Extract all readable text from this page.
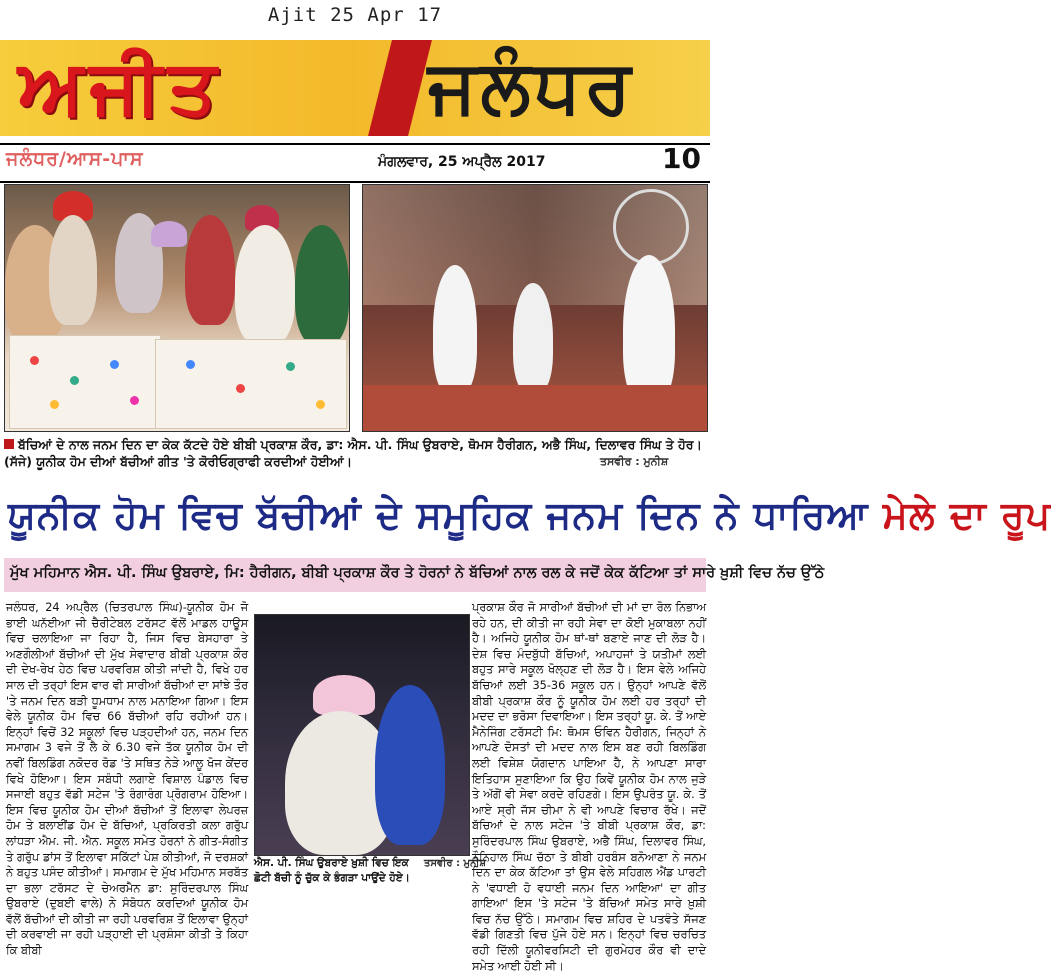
Ajit 25 Apr 17
ਅਜੀਤ	ਜਲੰਧਰ
ਜਲੰਧਰ/ਆਸ-ਪਾਸ	ਮੰਗਲਵਾਰ, 25 ਅਪ੍ਰੈਲ 2017	10
ਬੱਚਿਆਂ ਦੇ ਨਾਲ ਜਨਮ ਦਿਨ ਦਾ ਕੇਕ ਕੱਟਦੇ ਹੋਏ ਬੀਬੀ ਪ੍ਰਕਾਸ਼ ਕੌਰ, ਡਾ: ਐਸ. ਪੀ. ਸਿੰਘ ਉਬਰਾਏ, ਥੋਮਸ ਹੈਰੀਗਨ, ਅਭੈ ਸਿੰਘ, ਦਿਲਾਵਰ ਸਿੰਘ ਤੇ ਹੋਰ। (ਸੱਜੇ) ਯੂਨੀਕ ਹੋਮ ਦੀਆਂ ਬੱਚੀਆਂ ਗੀਤ 'ਤੇ ਕੋਰੀਓਗ੍ਰਾਫੀ ਕਰਦੀਆਂ ਹੋਈਆਂ।	ਤਸਵੀਰ : ਮੁਨੀਸ਼
ਯੂਨੀਕ ਹੋਮ ਵਿਚ ਬੱਚੀਆਂ ਦੇ ਸਮੂਹਿਕ ਜਨਮ ਦਿਨ ਨੇ ਧਾਰਿਆ ਮੇਲੇ ਦਾ ਰੂਪ
ਮੁੱਖ ਮਹਿਮਾਨ ਐਸ. ਪੀ. ਸਿੰਘ ਉਬਰਾਏ, ਮਿ: ਹੈਰੀਗਨ, ਬੀਬੀ ਪ੍ਰਕਾਸ਼ ਕੌਰ ਤੇ ਹੋਰਨਾਂ ਨੇ ਬੱਚਿਆਂ ਨਾਲ ਰਲ ਕੇ ਜਦੋਂ ਕੇਕ ਕੱਟਿਆ ਤਾਂ ਸਾਰੇ ਖ਼ੁਸ਼ੀ ਵਿਚ ਨੱਚ ਉੱਠੇ
ਜਲੰਧਰ, 24 ਅਪ੍ਰੈਲ (ਚਿਤਰਪਾਲ ਸਿੰਘ)-ਯੂਨੀਕ ਹੋਮ ਜੋ ਭਾਈ ਘਨੱਈਆ ਜੀ ਚੈਰੀਟੇਬਲ ਟਰੱਸਟ ਵੱਲੋਂ ਮਾਡਲ ਹਾਊਸ ਵਿਚ ਚਲਾਇਆ ਜਾ ਰਿਹਾ ਹੈ, ਜਿਸ ਵਿਚ ਬੇਸਹਾਰਾ ਤੇ ਅਣਗੌਲੀਆਂ ਬੱਚੀਆਂ ਦੀ ਮੁੱਖ ਸੇਵਾਦਾਰ ਬੀਬੀ ਪ੍ਰਕਾਸ਼ ਕੌਰ ਦੀ ਦੇਖ-ਰੇਖ ਹੇਠ ਵਿਚ ਪਰਵਰਿਸ਼ ਕੀਤੀ ਜਾਂਦੀ ਹੈ, ਵਿਖੇ ਹਰ ਸਾਲ ਦੀ ਤਰ੍ਹਾਂ ਇਸ ਵਾਰ ਵੀ ਸਾਰੀਆਂ ਬੱਚੀਆਂ ਦਾ ਸਾਂਝੇ ਤੌਰ 'ਤੇ ਜਨਮ ਦਿਨ ਬੜੀ ਧੂਮਧਾਮ ਨਾਲ ਮਨਾਇਆ ਗਿਆ। ਇਸ ਵੇਲੇ ਯੂਨੀਕ ਹੋਮ ਵਿਚ 66 ਬੱਚੀਆਂ ਰਹਿ ਰਹੀਆਂ ਹਨ। ਇਨ੍ਹਾਂ ਵਿਚੋਂ 32 ਸਕੂਲਾਂ ਵਿਚ ਪੜ੍ਹਦੀਆਂ ਹਨ, ਜਨਮ ਦਿਨ ਸਮਾਗਮ 3 ਵਜੇ ਤੋਂ ਲੈ ਕੇ 6.30 ਵਜੇ ਤੱਕ ਯੂਨੀਕ ਹੋਮ ਦੀ ਨਵੀਂ ਬਿਲਡਿੰਗ ਨਕੋਦਰ ਰੋਡ 'ਤੇ ਸਥਿਤ ਨੇੜੇ ਆਲੂ ਖੋਜ ਕੇਂਦਰ ਵਿਖੇ ਹੋਇਆ। ਇਸ ਸਬੰਧੀ ਲਗਾਏ ਵਿਸ਼ਾਲ ਪੰਡਾਲ ਵਿਚ ਸਜਾਈ ਬਹੁਤ ਵੱਡੀ ਸਟੇਜ 'ਤੇ ਰੰਗਾਰੰਗ ਪ੍ਰੋਗਰਾਮ ਹੋਇਆ। ਇਸ ਵਿਚ ਯੂਨੀਕ ਹੋਮ ਦੀਆਂ ਬੱਚੀਆਂ ਤੋਂ ਇਲਾਵਾ ਲੇਪਰਜ਼ ਹੋਮ ਤੇ ਬਲਾਈਂਡ ਹੋਮ ਦੇ ਬੱਚਿਆਂ, ਪ੍ਰਕਿਰਤੀ ਕਲਾ ਗਰੁੱਪ ਲਾਂਧੜਾ ਐਮ. ਜੀ. ਐਨ. ਸਕੂਲ ਸਮੇਤ ਹੋਰਨਾਂ ਨੇ ਗੀਤ-ਸੰਗੀਤ ਤੇ ਗਰੁੱਪ ਡਾਂਸ ਤੋਂ ਇਲਾਵਾ ਸਕਿੱਟਾਂ ਪੇਸ਼ ਕੀਤੀਆਂ, ਜੋ ਦਰਸ਼ਕਾਂ ਨੇ ਬਹੁਤ ਪਸੰਦ ਕੀਤੀਆਂ। ਸਮਾਗਮ ਦੇ ਮੁੱਖ ਮਹਿਮਾਨ ਸਰਬੱਤ ਦਾ ਭਲਾ ਟਰੱਸਟ ਦੇ ਚੇਅਰਮੈਨ ਡਾ: ਸੁਰਿੰਦਰਪਾਲ ਸਿੰਘ ਉਬਰਾਏ (ਦੁਬਈ ਵਾਲੇ) ਨੇ ਸੰਬੋਧਨ ਕਰਦਿਆਂ ਯੂਨੀਕ ਹੋਮ ਵੱਲੋਂ ਬੱਚੀਆਂ ਦੀ ਕੀਤੀ ਜਾ ਰਹੀ ਪਰਵਰਿਸ਼ ਤੋਂ ਇਲਾਵਾ ਉਨ੍ਹਾਂ ਦੀ ਕਰਵਾਈ ਜਾ ਰਹੀ ਪੜ੍ਹਾਈ ਦੀ ਪ੍ਰਸ਼ੰਸਾ ਕੀਤੀ ਤੇ ਕਿਹਾ ਕਿ ਬੀਬੀ
ਐਸ. ਪੀ. ਸਿੰਘ ਉਬਰਾਏ ਖ਼ੁਸ਼ੀ ਵਿਚ ਇਕ ਛੋਟੀ ਬੱਚੀ ਨੂੰ ਚੁੱਕ ਕੇ ਭੰਗੜਾ ਪਾਉਂਦੇ ਹੋਏ।
ਤਸਵੀਰ : ਮੁਨੀਸ਼
ਪ੍ਰਕਾਸ਼ ਕੌਰ ਜੋ ਸਾਰੀਆਂ ਬੱਚੀਆਂ ਦੀ ਮਾਂ ਦਾ ਰੋਲ ਨਿਭਾਅ ਰਹੇ ਹਨ, ਦੀ ਕੀਤੀ ਜਾ ਰਹੀ ਸੇਵਾ ਦਾ ਕੋਈ ਮੁਕਾਬਲਾ ਨਹੀਂ ਹੈ। ਅਜਿਹੇ ਯੂਨੀਕ ਹੋਮ ਥਾਂ-ਥਾਂ ਬਣਾਏ ਜਾਣ ਦੀ ਲੋੜ ਹੈ। ਦੇਸ਼ ਵਿਚ ਮੰਦਬੁੱਧੀ ਬੱਚਿਆਂ, ਅਪਾਹਜਾਂ ਤੇ ਯਤੀਮਾਂ ਲਈ ਬਹੁਤ ਸਾਰੇ ਸਕੂਲ ਖੋਲ੍ਹਣ ਦੀ ਲੋੜ ਹੈ। ਇਸ ਵੇਲੇ ਅਜਿਹੇ ਬੱਚਿਆਂ ਲਈ 35-36 ਸਕੂਲ ਹਨ। ਉਨ੍ਹਾਂ ਆਪਣੇ ਵੱਲੋਂ ਬੀਬੀ ਪ੍ਰਕਾਸ਼ ਕੌਰ ਨੂੰ ਯੂਨੀਕ ਹੋਮ ਲਈ ਹਰ ਤਰ੍ਹਾਂ ਦੀ ਮਦਦ ਦਾ ਭਰੋਸਾ ਦਿਵਾਇਆ। ਇਸ ਤਰ੍ਹਾਂ ਯੂ. ਕੇ. ਤੋਂ ਆਏ ਮੈਨੇਜਿੰਗ ਟਰੱਸਟੀ ਮਿ: ਥੋਮਸ ਓਵਿਨ ਹੈਰੀਗਨ, ਜਿਨ੍ਹਾਂ ਨੇ ਆਪਣੇ ਦੋਸਤਾਂ ਦੀ ਮਦਦ ਨਾਲ ਇਸ ਬਣ ਰਹੀ ਬਿਲਡਿੰਗ ਲਈ ਵਿਸ਼ੇਸ਼ ਯੋਗਦਾਨ ਪਾਇਆ ਹੈ, ਨੇ ਆਪਣਾ ਸਾਰਾ ਇਤਿਹਾਸ ਸੁਣਾਇਆ ਕਿ ਉਹ ਕਿਵੇਂ ਯੂਨੀਕ ਹੋਮ ਨਾਲ ਜੁੜੇ ਤੇ ਅੱਗੋਂ ਵੀ ਸੇਵਾ ਕਰਦੇ ਰਹਿਣਗੇ। ਇਸ ਉਪਰੰਤ ਯੂ. ਕੇ. ਤੋਂ ਆਏ ਸ੍ਰੀ ਜੱਸ ਚੀਮਾ ਨੇ ਵੀ ਆਪਣੇ ਵਿਚਾਰ ਰੱਖੇ। ਜਦੋਂ ਬੱਚਿਆਂ ਦੇ ਨਾਲ ਸਟੇਜ 'ਤੇ ਬੀਬੀ ਪ੍ਰਕਾਸ਼ ਕੌਰ, ਡਾ: ਸੁਰਿੰਦਰਪਾਲ ਸਿੰਘ ਉਬਰਾਏ, ਅਭੈ ਸਿੰਘ, ਦਿਲਾਵਰ ਸਿੰਘ, ਨੌਨਿਹਾਲ ਸਿੰਘ ਚੱਠਾ ਤੇ ਬੀਬੀ ਹਰਬੰਸ ਬਨੋਆਣਾ ਨੇ ਜਨਮ ਦਿਨ ਦਾ ਕੇਕ ਕੱਟਿਆ ਤਾਂ ਉਸ ਵੇਲੇ ਸਹਿਗਲ ਐਂਡ ਪਾਰਟੀ ਨੇ 'ਵਧਾਈ ਹੋ ਵਧਾਈ ਜਨਮ ਦਿਨ ਆਇਆ' ਦਾ ਗੀਤ ਗਾਇਆ' ਇਸ 'ਤੇ ਸਟੇਜ 'ਤੇ ਬੱਚਿਆਂ ਸਮੇਤ ਸਾਰੇ ਖ਼ੁਸ਼ੀ ਵਿਚ ਨੱਚ ਉੱਠੇ। ਸਮਾਗਮ ਵਿਚ ਸ਼ਹਿਰ ਦੇ ਪਤਵੰਤੇ ਸੱਜਣ ਵੱਡੀ ਗਿਣਤੀ ਵਿਚ ਪੁੱਜੇ ਹੋਏ ਸਨ। ਇਨ੍ਹਾਂ ਵਿਚ ਚਰਚਿਤ ਰਹੀ ਦਿੱਲੀ ਯੂਨੀਵਰਸਿਟੀ ਦੀ ਗੁਰਮੇਹਰ ਕੌਰ ਵੀ ਦਾਦੇ ਸਮੇਤ ਆਈ ਹੋਈ ਸੀ।
